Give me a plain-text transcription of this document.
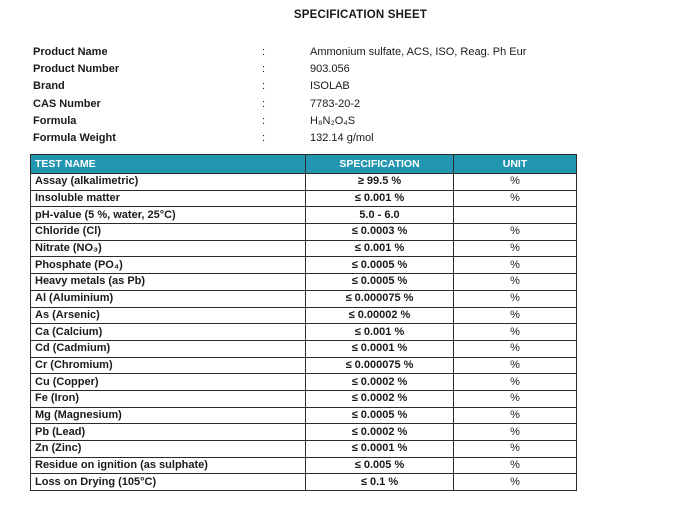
SPECIFICATION SHEET
Product Name	:	Ammonium sulfate, ACS, ISO, Reag. Ph Eur
Product Number	:	903.056
Brand	:	ISOLAB
CAS Number	:	7783-20-2
Formula	:	H₈N₂O₄S
Formula Weight	:	132.14 g/mol
TEST NAME	SPECIFICATION	UNIT
Assay (alkalimetric)	≥ 99.5 %	%
Insoluble matter	≤ 0.001 %	%
pH-value (5 %, water, 25°C)	5.0 - 6.0	
Chloride (Cl)	≤ 0.0003 %	%
Nitrate (NO₃)	≤ 0.001 %	%
Phosphate (PO₄)	≤ 0.0005 %	%
Heavy metals (as Pb)	≤ 0.0005 %	%
Al (Aluminium)	≤ 0.000075 %	%
As (Arsenic)	≤ 0.00002 %	%
Ca (Calcium)	≤ 0.001 %	%
Cd (Cadmium)	≤ 0.0001 %	%
Cr (Chromium)	≤ 0.000075 %	%
Cu (Copper)	≤ 0.0002 %	%
Fe (Iron)	≤ 0.0002 %	%
Mg (Magnesium)	≤ 0.0005 %	%
Pb (Lead)	≤ 0.0002 %	%
Zn (Zinc)	≤ 0.0001 %	%
Residue on ignition (as sulphate)	≤ 0.005 %	%
Loss on Drying (105°C)	≤ 0.1 %	%
